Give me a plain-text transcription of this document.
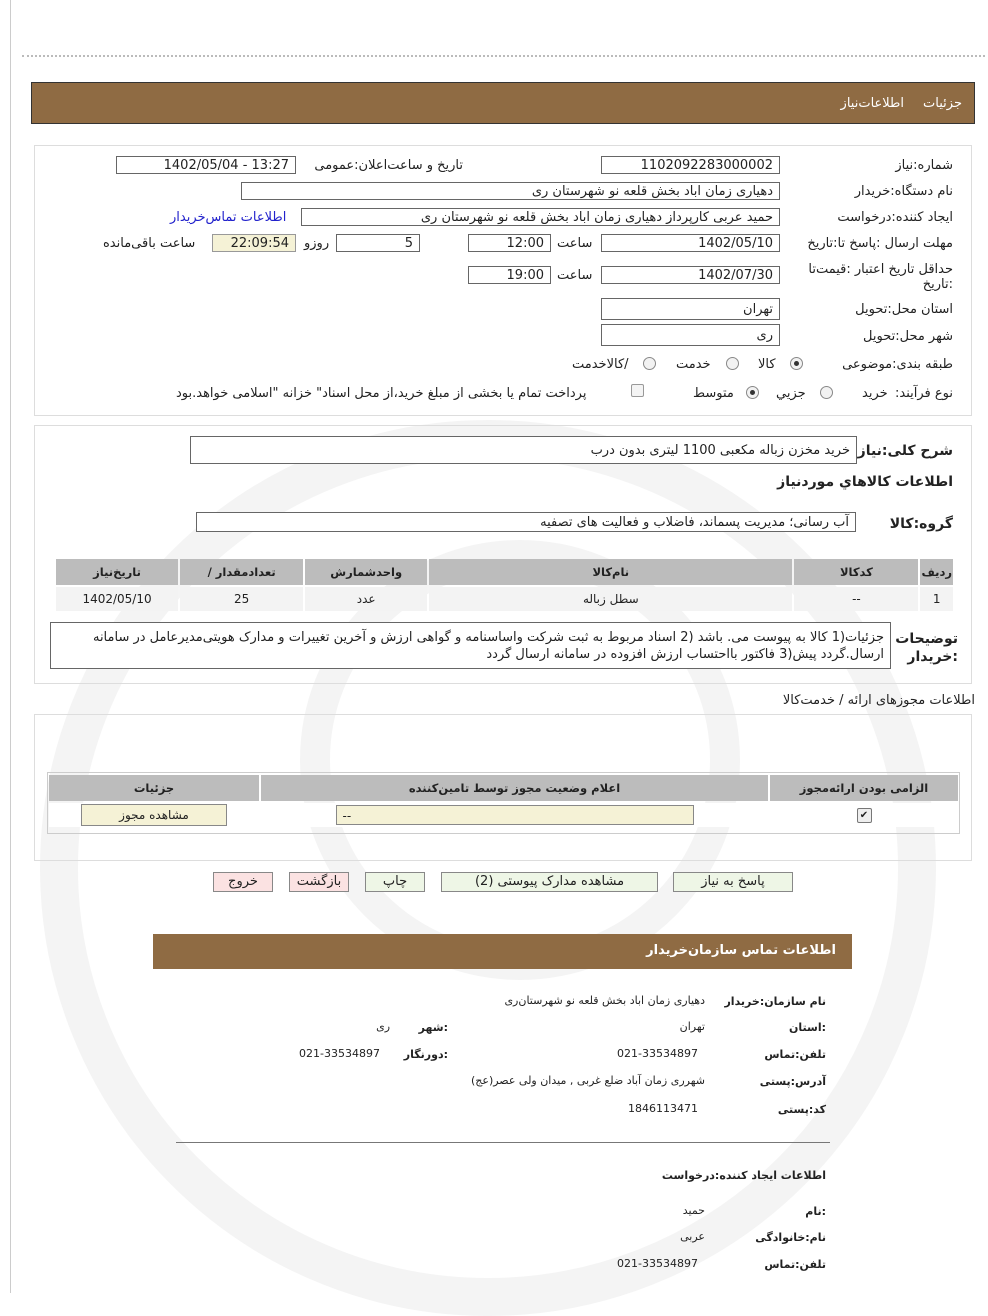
جزئیات
اطلاعات‌نیاز
شماره:نیاز
1102092283000002
تاریخ و ساعت‌اعلان:عمومی
1402/05/04 - 13:27
نام دستگاه:خریدار
دهیاری زمان اباد بخش قلعه نو شهرستان ری
ایجاد کننده:درخواست
حمید عربی کارپرداز دهیاری زمان اباد بخش قلعه نو شهرستان ری
اطلاعات تماس‌خریدار
مهلت ارسال :پاسخ تا:تاریخ
1402/05/10
ساعت
12:00
5
روزو
22:09:54
ساعت باقی‌مانده
حداقل تاریخ اعتبار :قیمت‌تا :تاریخ
1402/07/30
ساعت
19:00
استان محل:تحویل
تهران
شهر محل:تحویل
ری
طبقه بندی:موضوعی
کالا
خدمت
/کالاخدمت
نوع فرآیند:
خرید
جزیي
متوسط
پرداخت تمام یا بخشی از مبلغ خرید،از محل اسناد" خزانه "اسلامی خواهد.بود
شرح کلی:نیاز
خرید مخزن زباله مکعبی 1100 لیتری بدون درب
اطلاعات کالاهاي موردنياز
گروه:کالا
آب رسانی؛ مدیریت پسماند، فاضلاب و فعالیت های تصفیه
ردیف	کدکالا	نام‌کالا	واحدشمارش	تعدادمقدار /	تاریخ‌نیاز
1	--	سطل زباله	عدد	25	1402/05/10
توضیحات :خریدار
جزئیات(1 کالا به پیوست می. باشد (2 اسناد مربوط به ثبت شرکت واساسنامه و گواهی ارزش و آخرین تغییرات و مدارک هویتی‌مدیرعامل در سامانه ارسال.گردد پیش(3 فاکتور بااحتساب ارزش افزوده در سامانه ارسال گردد
اطلاعات مجوزهای ارائه / خدمت‌کالا
الزامی بودن ارائه‌مجوز	اعلام وضعیت مجوز توسط تامین‌کننده	جزئیات
✔	--	مشاهده مجوز
پاسخ به نیاز
مشاهده مدارک پیوستی (2)
چاپ
بازگشت
خروج
اطلاعات تماس سازمان‌خریدار
نام سازمان:خریدار
دهیاری زمان اباد بخش قلعه نو شهرستان‌ری
:استان
تهران
:شهر
ری
تلفن:تماس
021-33534897
:دورنگار
021-33534897
آدرس:پستی
شهرری زمان آباد ضلع غربی , میدان ولی عصر(عج)
کد:پستی
1846113471
اطلاعات ایجاد کننده:درخواست
:نام
حمید
نام:خانوادگی
عربی
تلفن:تماس
021-33534897
